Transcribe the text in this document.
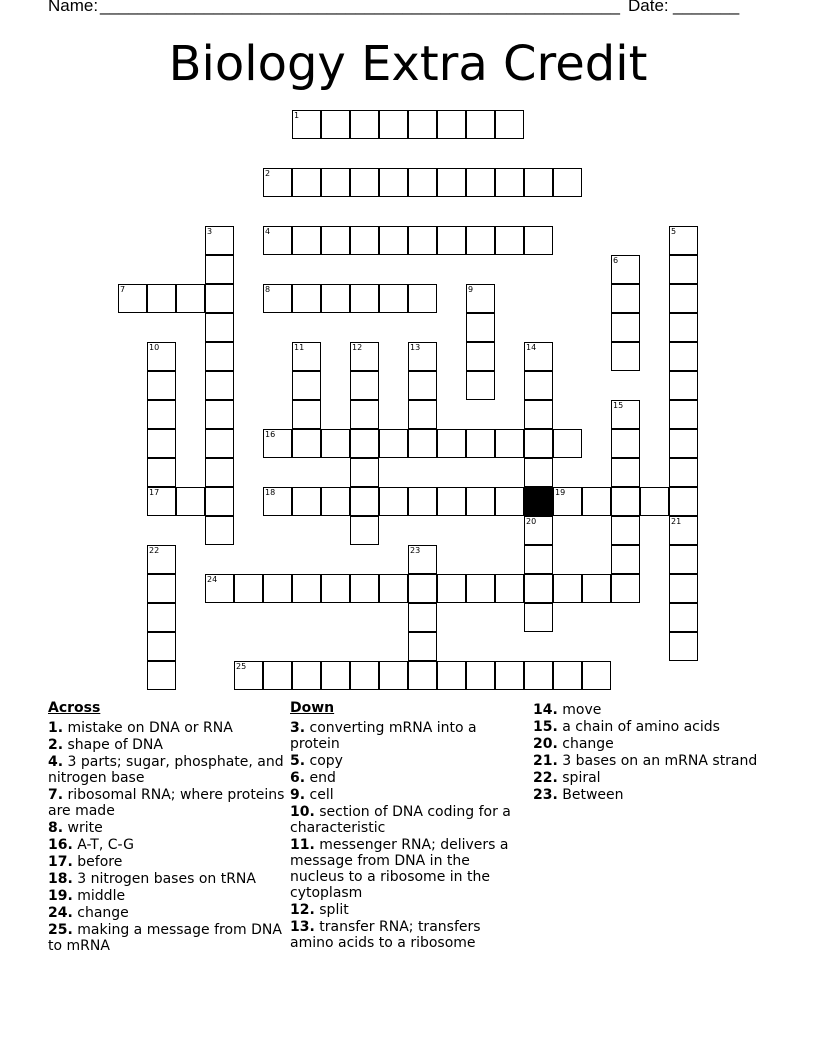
Name: _______________________________________________________ Date: _______
Biology Extra Credit
1
2
4
7	8
16
17	18	19
24
25
3	5
6
9
10	11	12	13	14
15
20	21
22	23
Across
1. mistake on DNA or RNA
2. shape of DNA
4. 3 parts; sugar, phosphate, and nitrogen base
7. ribosomal RNA; where proteins are made
8. write
16. A-T, C-G
17. before
18. 3 nitrogen bases on tRNA
19. middle
24. change
25. making a message from DNA to mRNA
Down
3. converting mRNA into a protein
5. copy
6. end
9. cell
10. section of DNA coding for a characteristic
11. messenger RNA; delivers a message from DNA in the nucleus to a ribosome in the cytoplasm
12. split
13. transfer RNA; transfers amino acids to a ribosome
14. move
15. a chain of amino acids
20. change
21. 3 bases on an mRNA strand
22. spiral
23. Between
